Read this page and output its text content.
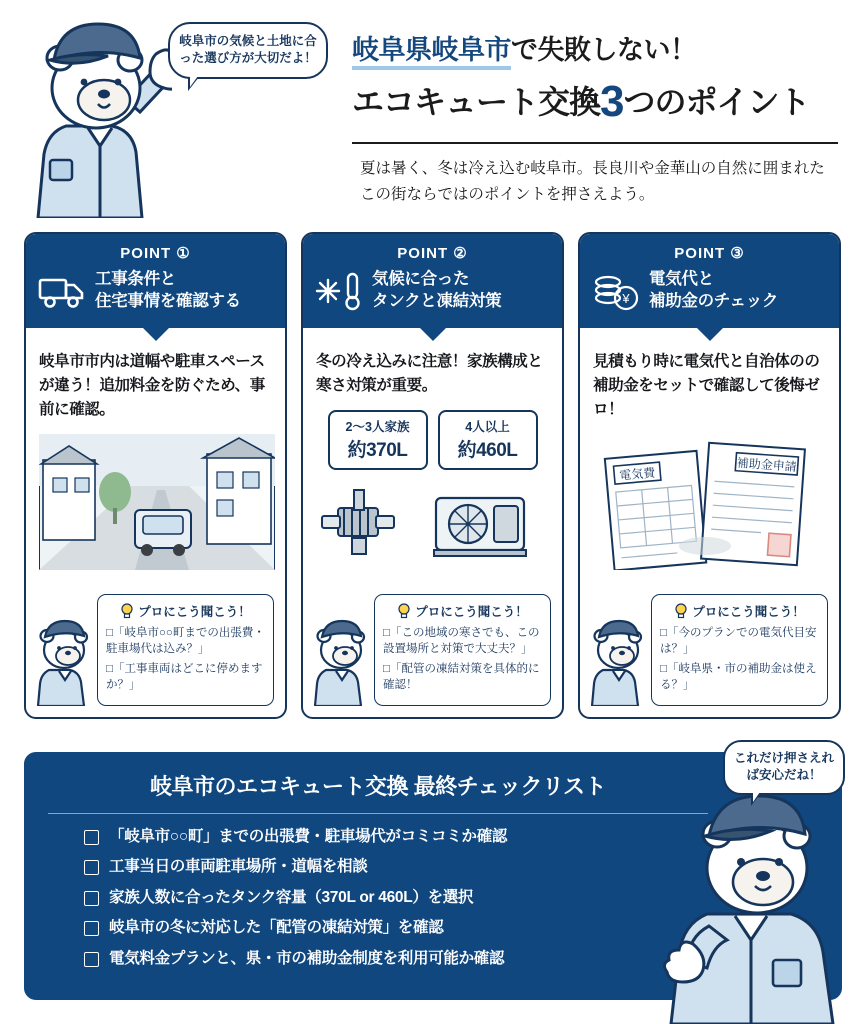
岐阜市の気候と土地に合った選び方が大切だよ！	岐阜県岐阜市で失敗しない！
エコキュート交換3つのポイント
夏は暑く、冬は冷え込む岐阜市。長良川や金華山の自然に囲まれたこの街ならではのポイントを押さえよう。
POINT ①
工事条件と
住宅事情を確認する
岐阜市市内は道幅や駐車スペースが違う！追加料金を防ぐため、事前に確認。
プロにこう聞こう！
□「岐阜市○○町までの出張費・駐車場代は込み？」
□「工事車両はどこに停めますか？」
POINT ②
気候に合った
タンクと凍結対策
冬の冷え込みに注意！家族構成と寒さ対策が重要。
2〜3人家族
約370L
4人以上
約460L
プロにこう聞こう！
□「この地域の寒さでも、この設置場所と対策で大丈夫？」
□「配管の凍結対策を具体的に確認！
POINT ③
¥
電気代と
補助金のチェック
見積もり時に電気代と自治体のの補助金をセットで確認して後悔ゼロ！
電気費
補助金申請
プロにこう聞こう！
□「今のプランでの電気代目安は？」
□「岐阜県・市の補助金は使える？」
岐阜市のエコキュート交換 最終チェックリスト
「岐阜市○○町」までの出張費・駐車場代がコミコミか確認
工事当日の車両駐車場所・道幅を相談
家族人数に合ったタンク容量（370L or 460L）を選択
岐阜市の冬に対応した「配管の凍結対策」を確認
電気料金プランと、県・市の補助金制度を利用可能か確認
これだけ押さえれば安心だね！
